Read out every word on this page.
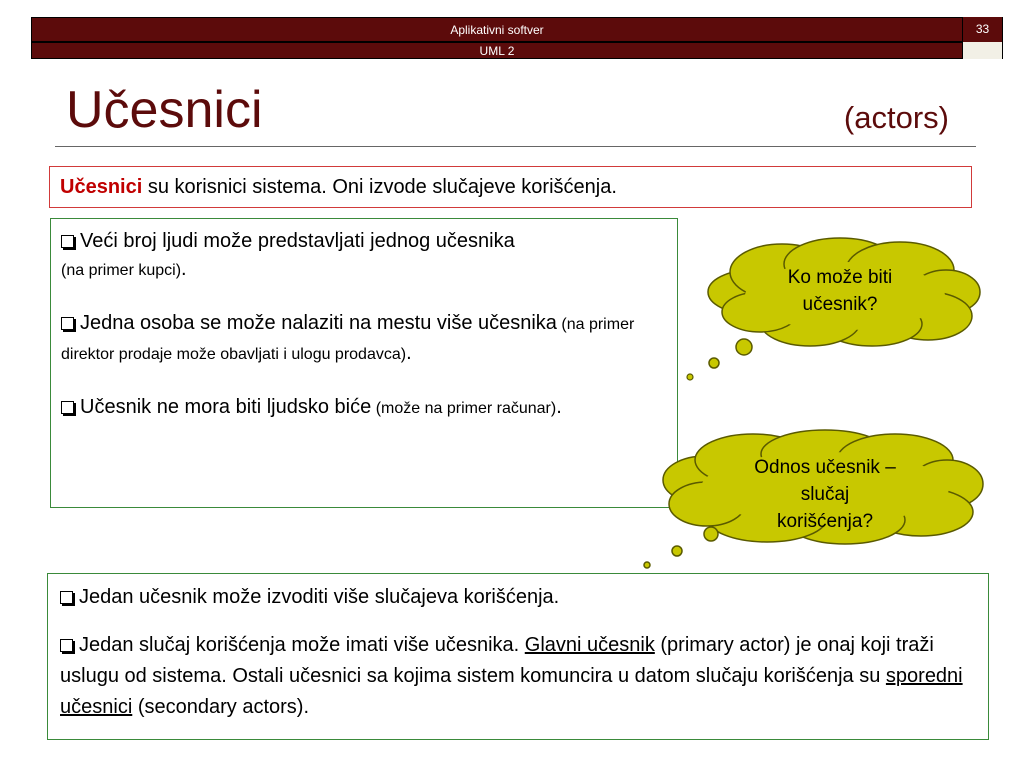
Aplikativni softver	33
UML 2
Učesnici	(actors)
Učesnici su korisnici sistema. Oni izvode slučajeve korišćenja.

Veći broj ljudi može predstavljati jednog učesnika
(na primer kupci).

Jedna osoba se može nalaziti na mestu više učesnika (na primer direktor prodaje može obavljati i ulogu prodavca).

Učesnik ne mora biti ljudsko biće (može na primer računar).

Ko može biti
učesnik?
Odnos učesnik –
slučaj
korišćenja?

Jedan učesnik može izvoditi više slučajeva korišćenja.

Jedan slučaj korišćenja može imati više učesnika. Glavni učesnik (primary actor) je onaj koji traži uslugu od sistema. Ostali učesnici sa kojima sistem komuncira u datom slučaju korišćenja su sporedni učesnici (secondary actors).
